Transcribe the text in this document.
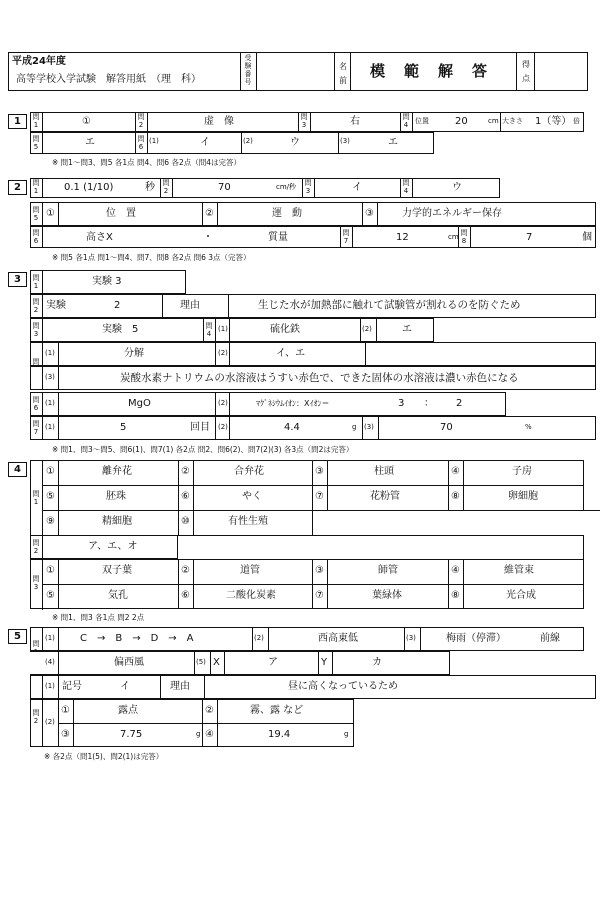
平成24年度
高等学校入学試験　解答用紙　（理　科）
受験番号
名前
模　範　解　答	得点
1	問1	①	問2	虚　像	問3	右	問4 位置	20	cm 大きさ 1（等） 倍
問5	エ	問6
(1)	イ	(2)	ウ	(3)	エ
※ 問1～問3、問5 各1点 問4、問6 各2点（問4は完答）
2	問1	0.1 (1/10)	秒 問2	70	cm/秒 問3	イ	問4	ウ
問5 ①	位　置	②	運　動	③	力学的エネルギー保存
問6	高さX	・	質量	問7	12	cm 問8	7	個
※ 問5 各1点 問1～問4、問7、問8 各2点 問6 3点（完答）
3	問1	実験 3
問2 実験	2	理由	生じた水が加熱部に触れて試験管が割れるのを防ぐため
問3	実験　5	問4
(1)	硫化鉄	(2)	エ
(1)	分解	(2)	イ、エ
問
(3)	炭酸水素ナトリウムの水溶液はうすい赤色で、できた固体の水溶液は濃い赤色になる
問6
(1)	MgO	(2)	ﾏｸﾞﾈｼｳﾑｲｵﾝ：Xｲｵﾝ＝	3 ： 2
問7
(1)	5	回目 (2)	4.4	g (3)	70	%
※ 問1、問3～問5、問6(1)、問7(1) 各2点 問2、問6(2)、問7(2)(3) 各3点（問2は完答）
4
問1
①	離弁花	②	合弁花	③	柱頭	④	子房
⑤	胚珠	⑥	やく	⑦	花粉管	⑧	卵細胞
⑨	精細胞	⑩	有性生殖
問2	ア、エ、オ
問3
①	双子葉	②	道管	③	師管	④	維管束
⑤	気孔	⑥	二酸化炭素	⑦	葉緑体	⑧	光合成
※ 問1、問3 各1点 問2 2点
5
問
(1)	C　→　B　→　D　→　A	(2)	西高東低	(3)	梅雨（停滞）	前線
(4)	偏西風	(5) X	ア	Y	カ
(1) 記号	イ	理由	昼に高くなっているため
問2 (2)
①	露点	②	霧、露 など
③	7.75	g ④	19.4	g
※ 各2点（問1(5)、問2(1)は完答）
